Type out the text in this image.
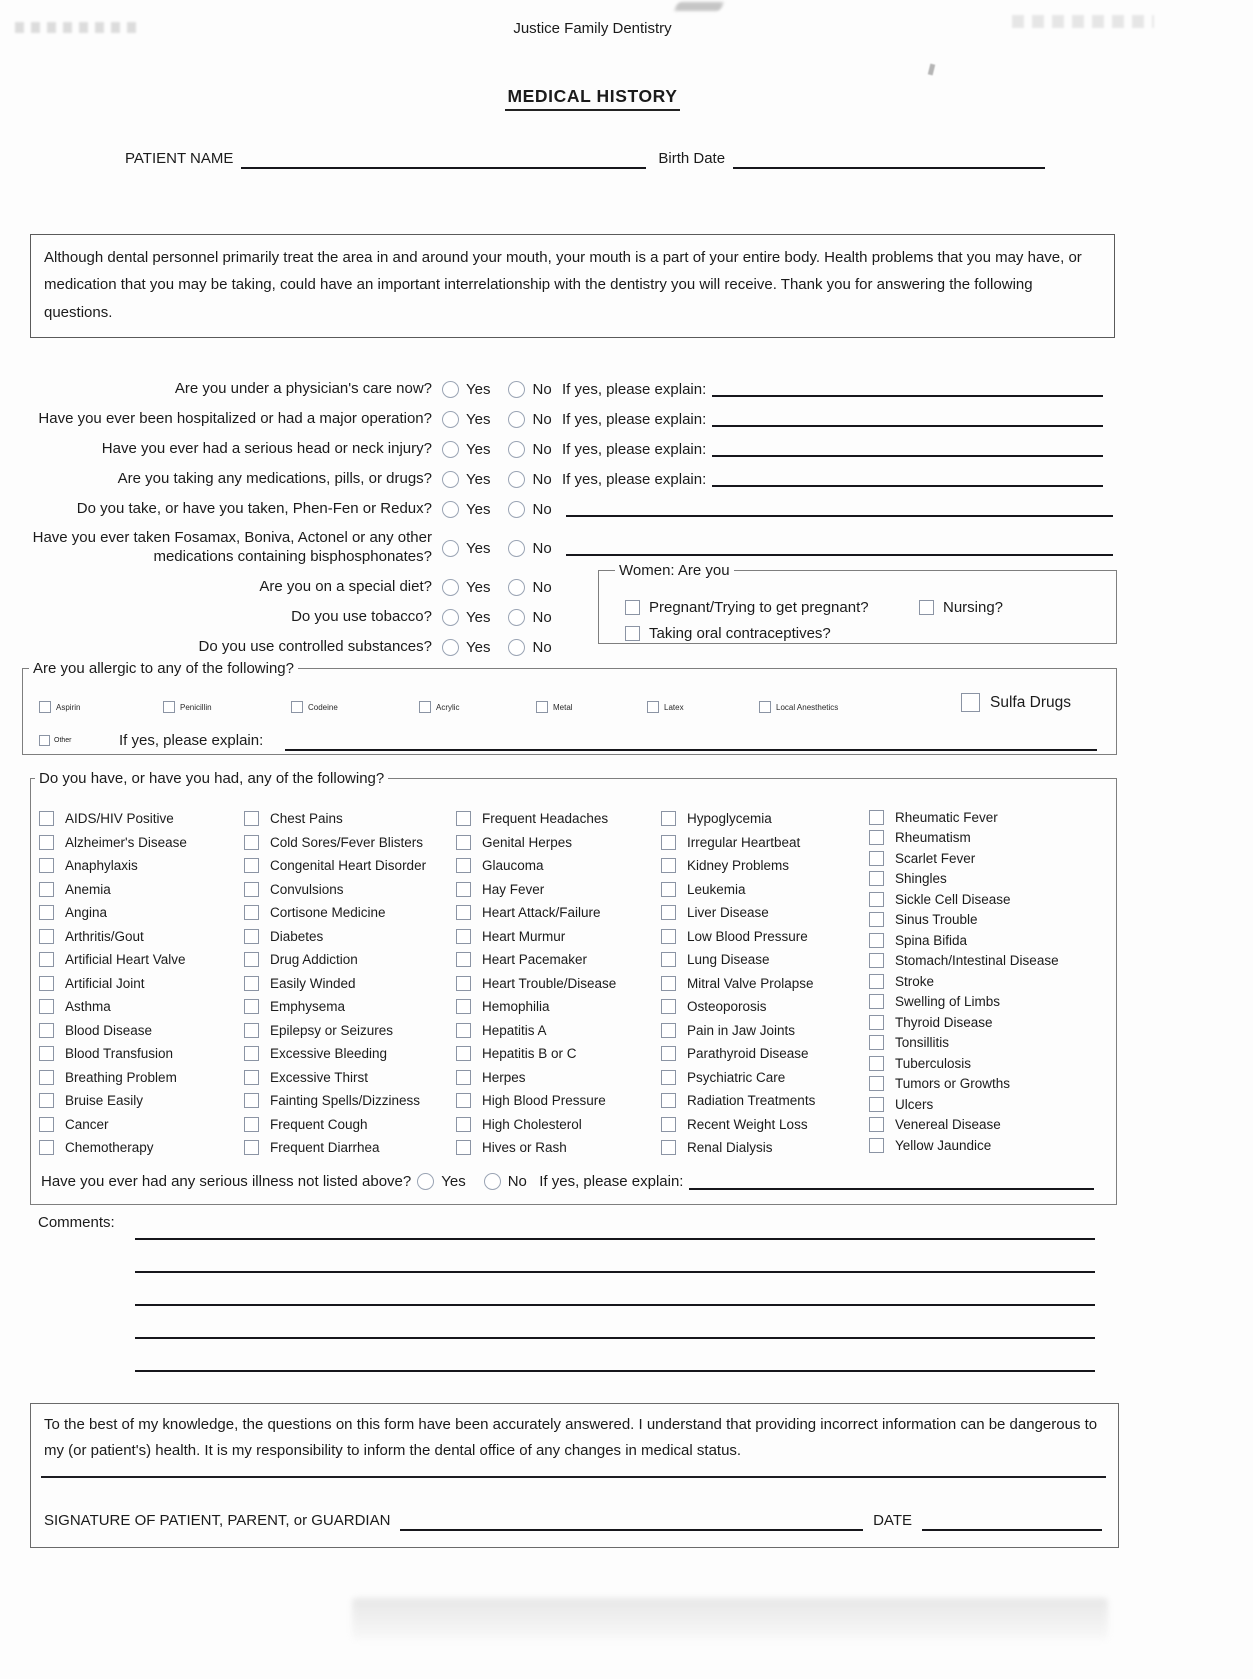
Justice Family Dentistry
MEDICAL HISTORY
PATIENT NAME	Birth Date
Although dental personnel primarily treat the area in and around your mouth, your mouth is a part of your entire body. Health problems that you may have, or medication that you may be taking, could have an important interrelationship with the dentistry you will receive. Thank you for answering the following questions.
Are you under a physician's care now? Yes	No If yes, please explain:
Have you ever been hospitalized or had a major operation? Yes	No If yes, please explain:
Have you ever had a serious head or neck injury? Yes	No If yes, please explain:
Are you taking any medications, pills, or drugs? Yes	No If yes, please explain:
Do you take, or have you taken, Phen-Fen or Redux? Yes	No
Have you ever taken Fosamax, Boniva, Actonel or any other medications containing bisphosphonates? Yes	No
Are you on a special diet? Yes	No
Do you use tobacco? Yes	No
Do you use controlled substances? Yes	No
Women: Are you
Pregnant/Trying to get pregnant?	Nursing?
Taking oral contraceptives?
Are you allergic to any of the following?
Aspirin	Penicillin	Codeine	Acrylic	Metal	Latex	Local Anesthetics	Sulfa Drugs
Other	If yes, please explain:
Do you have, or have you had, any of the following?
AIDS/HIV Positive
Alzheimer's Disease
Anaphylaxis
Anemia
Angina
Arthritis/Gout
Artificial Heart Valve
Artificial Joint
Asthma
Blood Disease
Blood Transfusion
Breathing Problem
Bruise Easily
Cancer
Chemotherapy
Chest Pains
Cold Sores/Fever Blisters
Congenital Heart Disorder
Convulsions
Cortisone Medicine
Diabetes
Drug Addiction
Easily Winded
Emphysema
Epilepsy or Seizures
Excessive Bleeding
Excessive Thirst
Fainting Spells/Dizziness
Frequent Cough
Frequent Diarrhea
Frequent Headaches
Genital Herpes
Glaucoma
Hay Fever
Heart Attack/Failure
Heart Murmur
Heart Pacemaker
Heart Trouble/Disease
Hemophilia
Hepatitis A
Hepatitis B or C
Herpes
High Blood Pressure
High Cholesterol
Hives or Rash
Hypoglycemia
Irregular Heartbeat
Kidney Problems
Leukemia
Liver Disease
Low Blood Pressure
Lung Disease
Mitral Valve Prolapse
Osteoporosis
Pain in Jaw Joints
Parathyroid Disease
Psychiatric Care
Radiation Treatments
Recent Weight Loss
Renal Dialysis
Rheumatic Fever
Rheumatism
Scarlet Fever
Shingles
Sickle Cell Disease
Sinus Trouble
Spina Bifida
Stomach/Intestinal Disease
Stroke
Swelling of Limbs
Thyroid Disease
Tonsillitis
Tuberculosis
Tumors or Growths
Ulcers
Venereal Disease
Yellow Jaundice
Have you ever had any serious illness not listed above? Yes	No If yes, please explain:
Comments:
To the best of my knowledge, the questions on this form have been accurately answered. I understand that providing incorrect information can be dangerous to my (or patient's) health. It is my responsibility to inform the dental office of any changes in medical status.
SIGNATURE OF PATIENT, PARENT, or GUARDIAN	DATE
